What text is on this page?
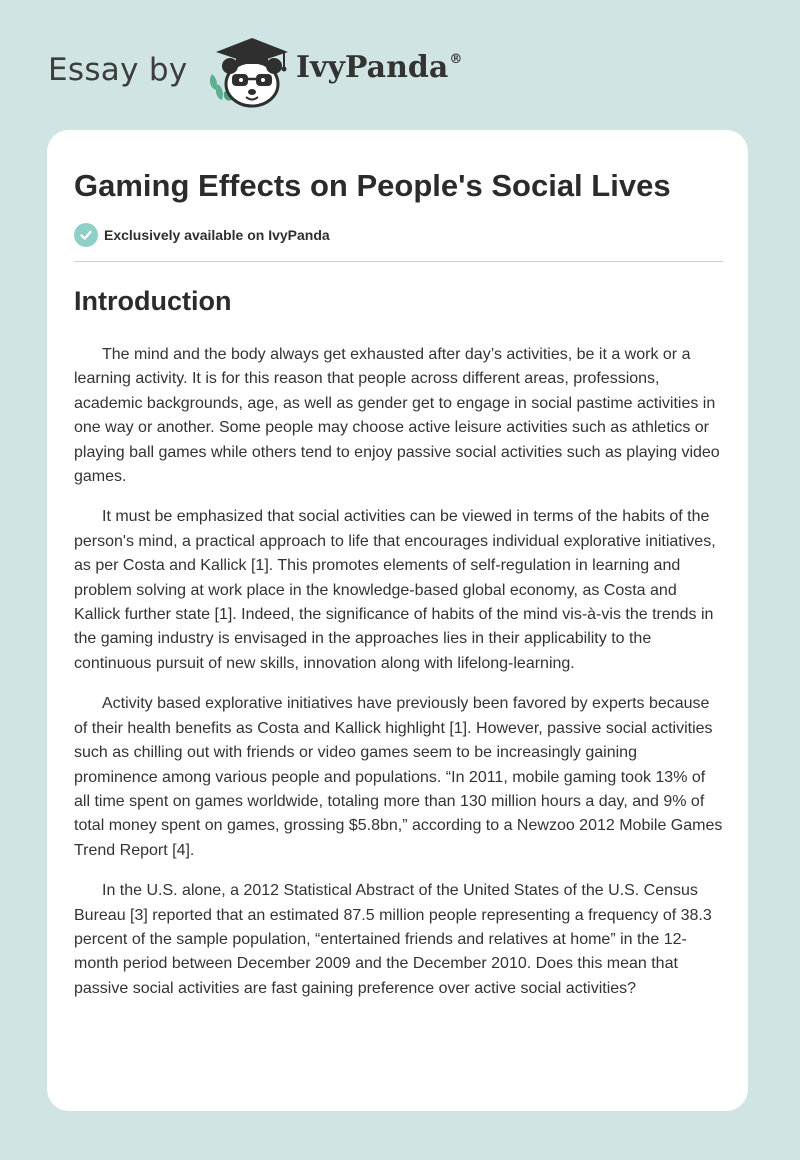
Essay by	IvyPanda®
Gaming Effects on People's Social Lives
Exclusively available on IvyPanda
Introduction

The mind and the body always get exhausted after day’s activities, be it a work or a learning activity. It is for this reason that people across different areas, professions, academic backgrounds, age, as well as gender get to engage in social pastime activities in one way or another. Some people may choose active leisure activities such as athletics or playing ball games while others tend to enjoy passive social activities such as playing video games.

It must be emphasized that social activities can be viewed in terms of the habits of the person's mind, a practical approach to life that encourages individual explorative initiatives, as per Costa and Kallick [1]. This promotes elements of self-regulation in learning and problem solving at work place in the knowledge-based global economy, as Costa and Kallick further state [1]. Indeed, the significance of habits of the mind vis-à-vis the trends in the gaming industry is envisaged in the approaches lies in their applicability to the continuous pursuit of new skills, innovation along with lifelong-learning.

Activity based explorative initiatives have previously been favored by experts because of their health benefits as Costa and Kallick highlight [1]. However, passive social activities such as chilling out with friends or video games seem to be increasingly gaining prominence among various people and populations. “In 2011, mobile gaming took 13% of all time spent on games worldwide, totaling more than 130 million hours a day, and 9% of total money spent on games, grossing $5.8bn,” according to a Newzoo 2012 Mobile Games Trend Report [4].

In the U.S. alone, a 2012 Statistical Abstract of the United States of the U.S. Census Bureau [3] reported that an estimated 87.5 million people representing a frequency of 38.3 percent of the sample population, “entertained friends and relatives at home” in the 12-month period between December 2009 and the December 2010. Does this mean that passive social activities are fast gaining preference over active social activities?
